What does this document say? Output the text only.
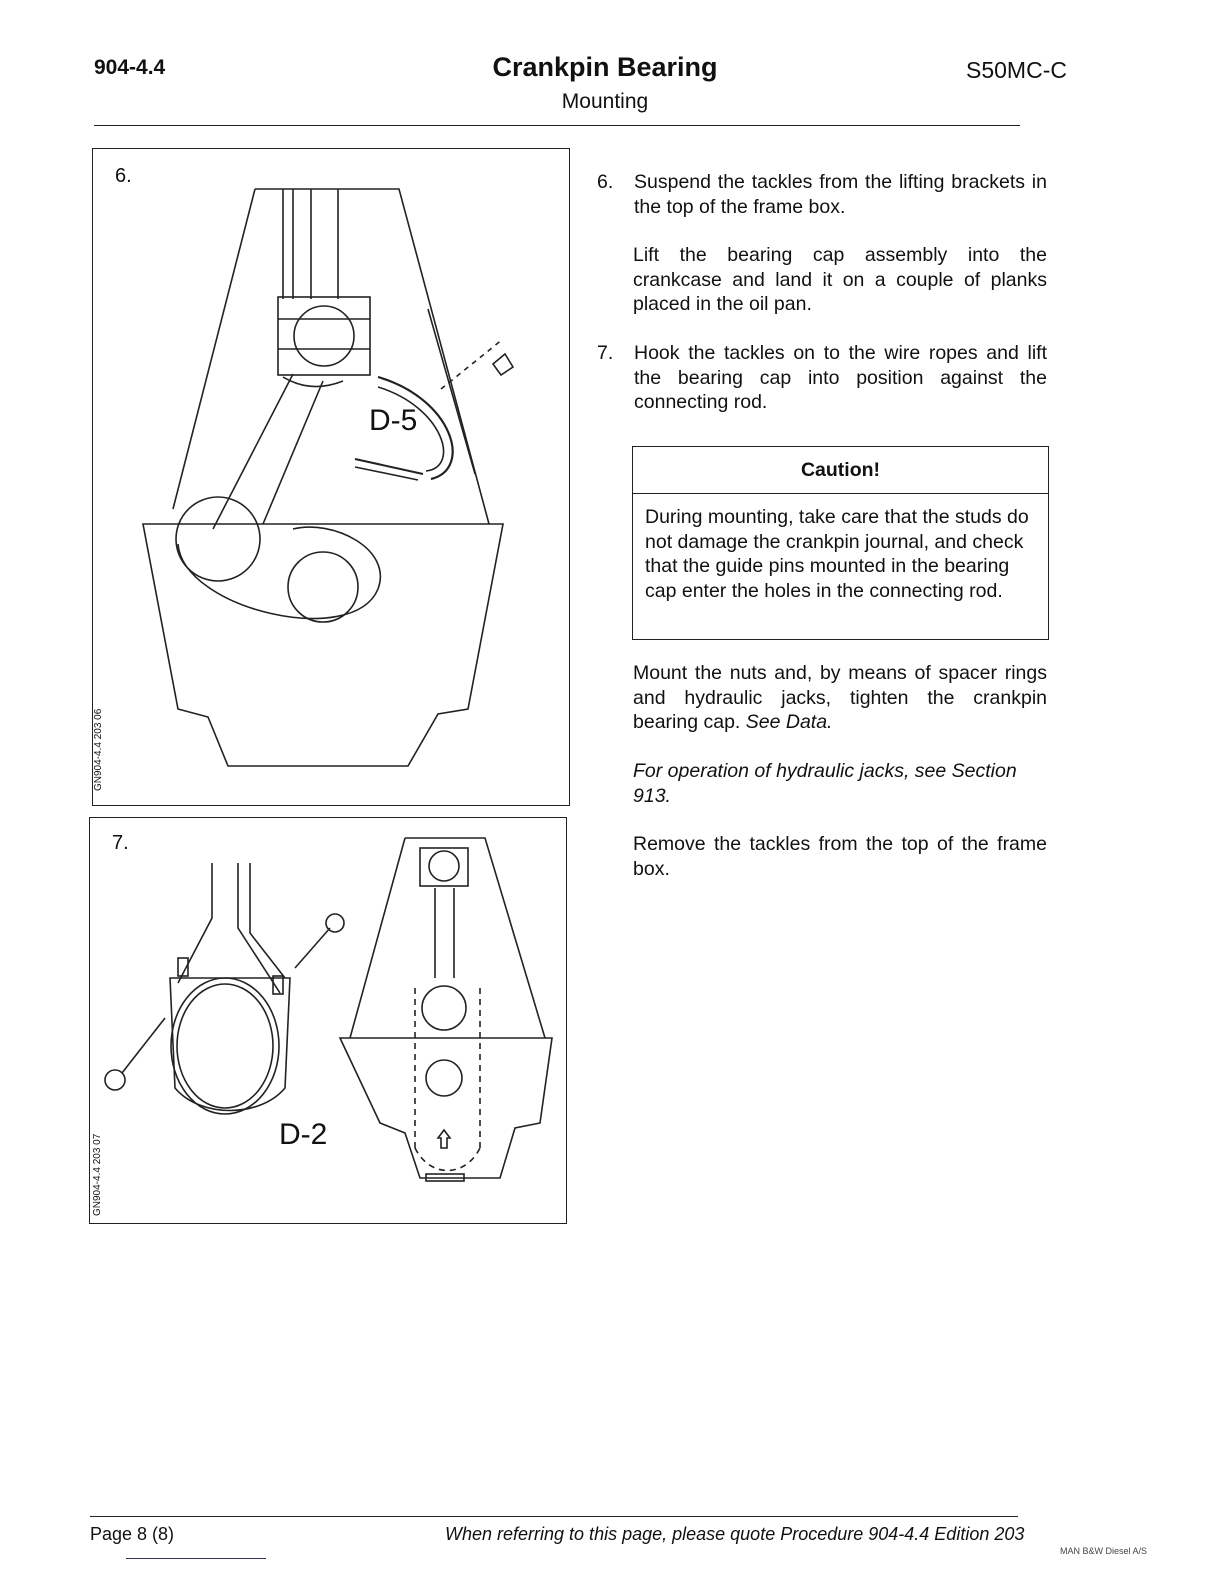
904-4.4	Crankpin Bearing
Mounting
S50MC-C
6.
D-5
GN904-4.4 203 06
7.
D-2
GN904-4.4 203 07
6. Suspend the tackles from the lifting brackets in the top of the frame box.
Lift the bearing cap assembly into the crankcase and land it on a couple of planks placed in the oil pan.
7. Hook the tackles on to the wire ropes and lift the bearing cap into position against the connecting rod.
Caution!
During mounting, take care that the studs do not damage the crankpin journal, and check that the guide pins mounted in the bearing cap enter the holes in the connecting rod.
Mount the nuts and, by means of spacer rings and hydraulic jacks, tighten the crankpin bearing cap. See Data.
For operation of hydraulic jacks, see Section 913.
Remove the tackles from the top of the frame box.
Page 8 (8)	When referring to this page, please quote Procedure 904-4.4 Edition 203
MAN B&W Diesel A/S
